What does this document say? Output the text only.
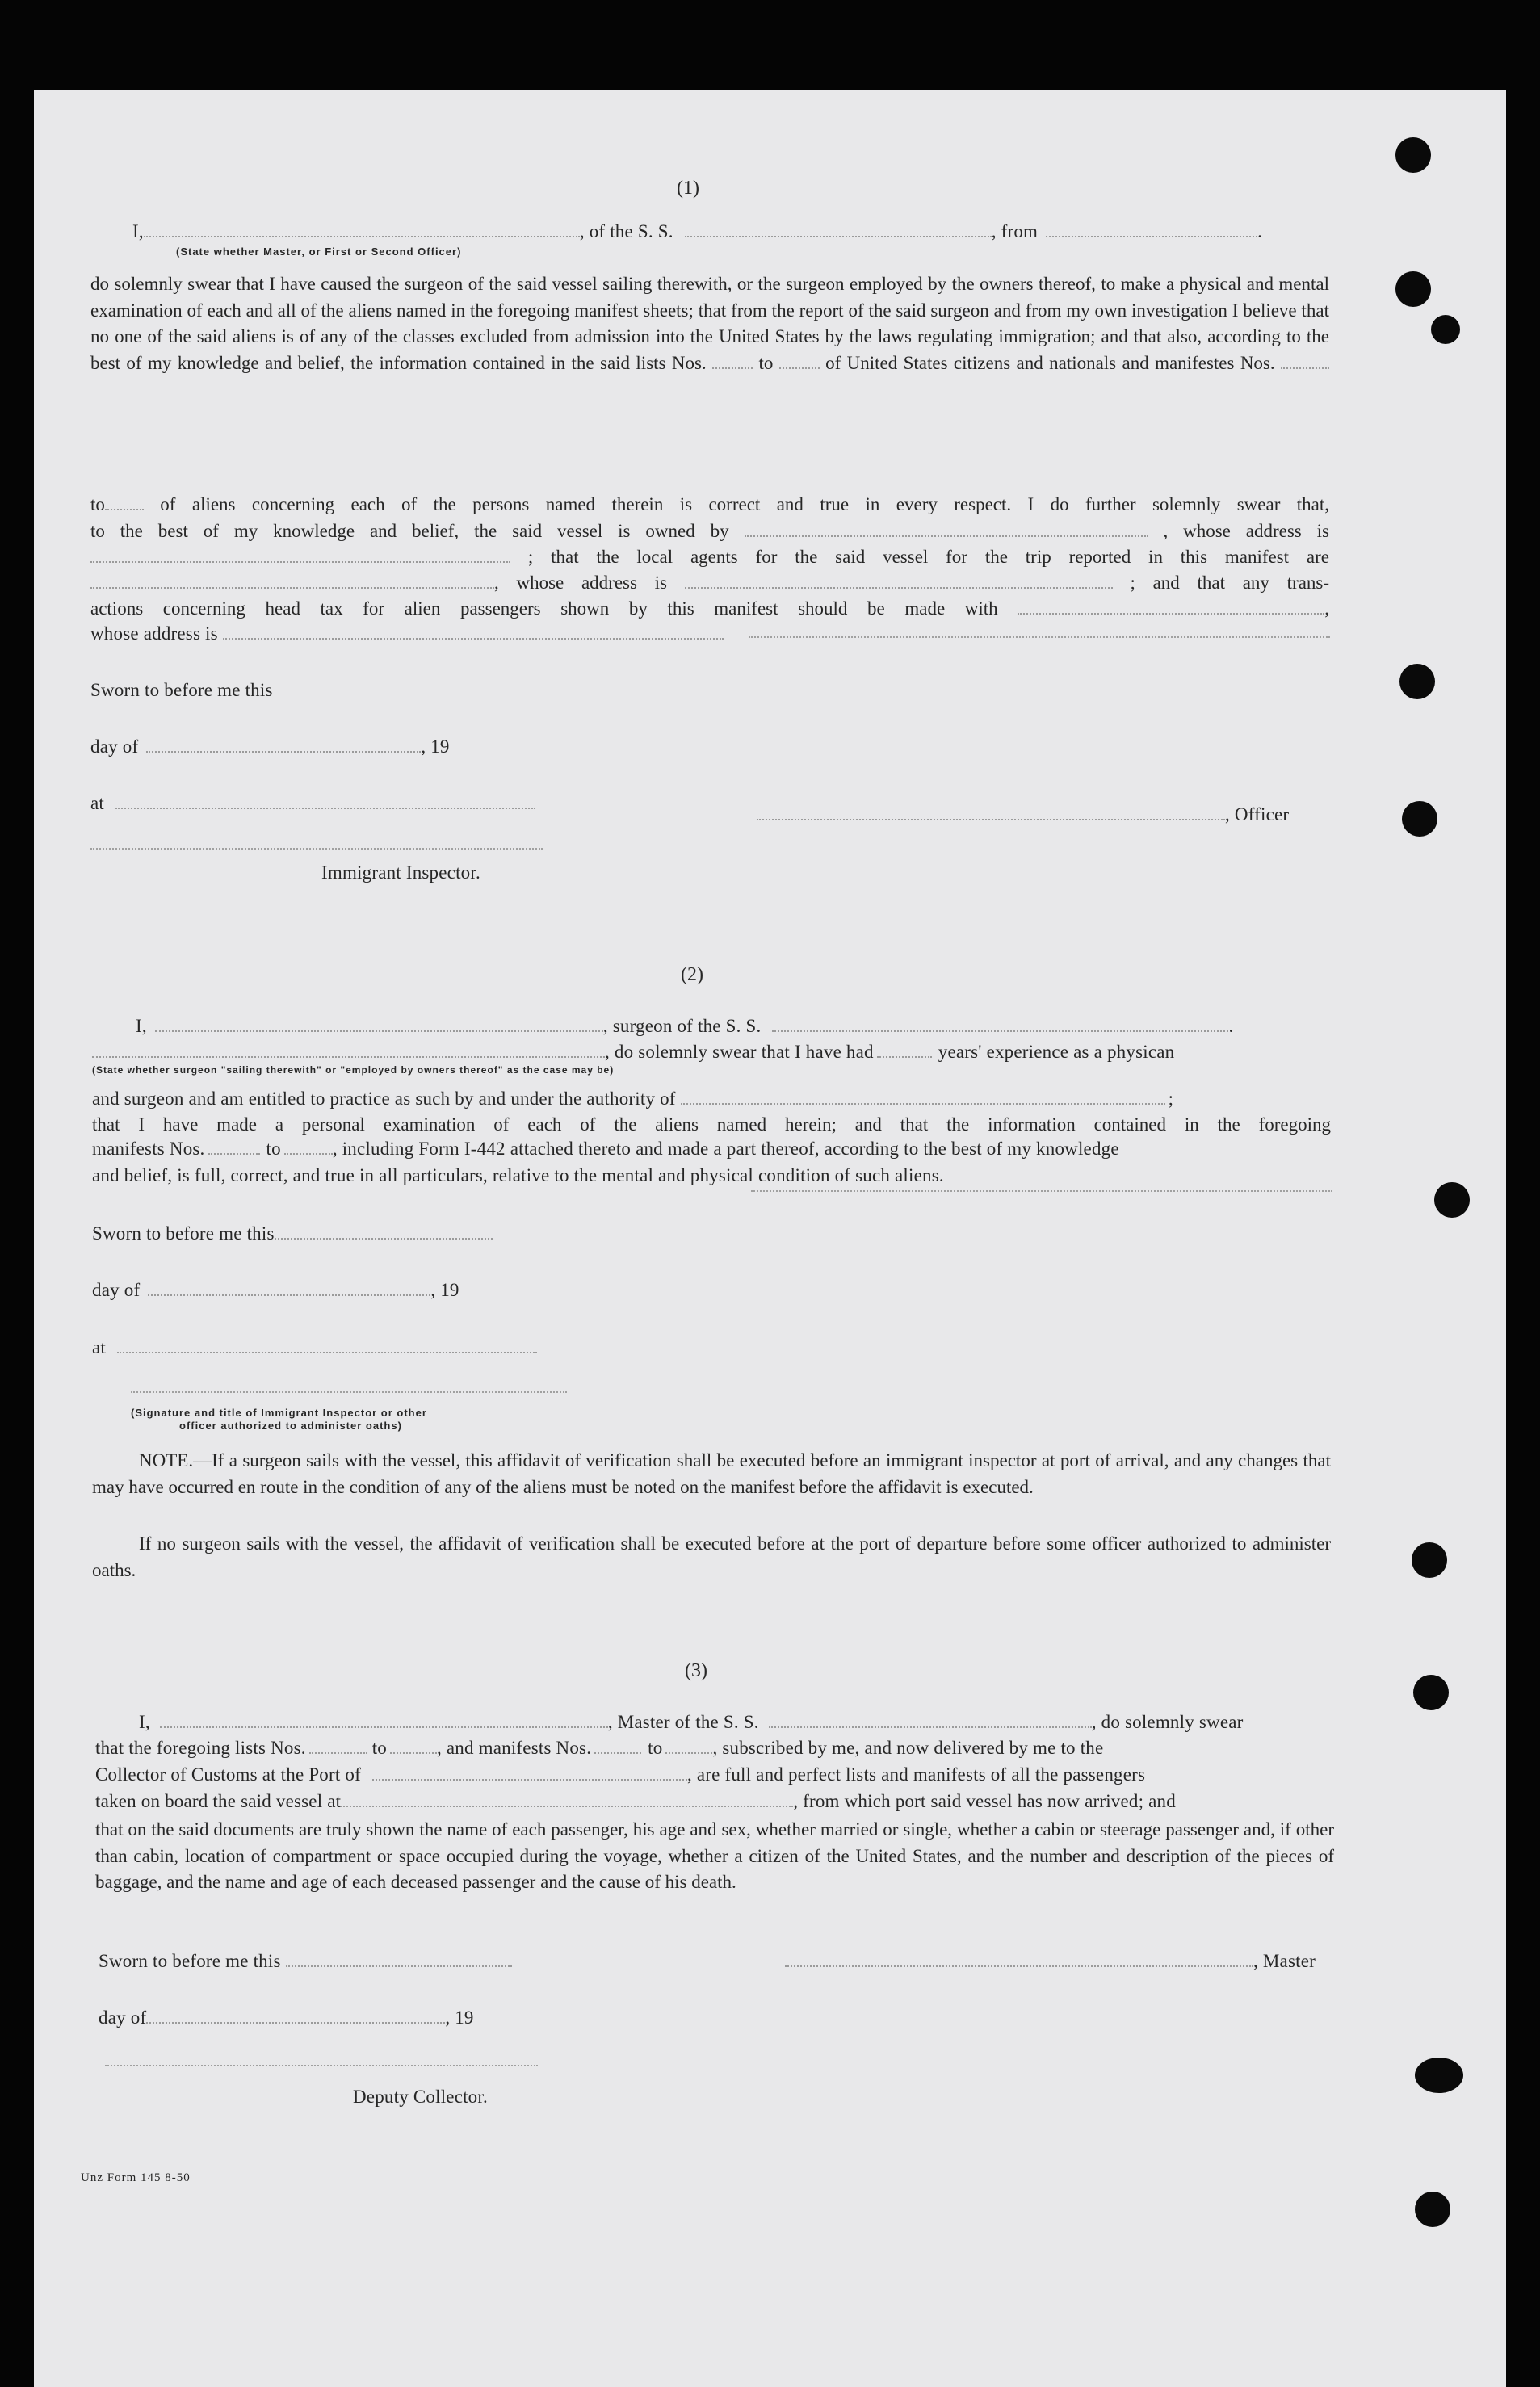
(1)
I,	, of the S. S.	, from	.
(State whether Master, or First or Second Officer)
do solemnly swear that I have caused the surgeon of the said vessel sailing therewith, or the surgeon employed by the owners thereof, to make a physical and mental examination of each and all of the aliens named in the foregoing manifest sheets; that from the report of the said surgeon and from my own investigation I believe that no one of the said aliens is of any of the classes excluded from admission into the United States by the laws regulating immigration; and that also, according to the best of my knowledge and belief, the information contained in the said lists Nos.	to	of United States citizens and nationals and manifestes Nos.
to	of aliens concerning each of the persons named therein is correct and true in every respect. I do further solemnly swear that,
to the best of my knowledge and belief, the said vessel is owned by	, whose address is
; that the local agents for the said vessel for the trip reported in this manifest are
, whose address is	; and that any trans-
actions concerning head tax for alien passengers shown by this manifest should be made with	,
whose address is
Sworn to before me this
day of	, 19
at
, Officer
Immigrant Inspector.
(2)
I,	, surgeon of the S. S.	.
, do solemnly swear that I have had	years' experience as a physican
(State whether surgeon "sailing therewith" or "employed by owners thereof" as the case may be)
and surgeon and am entitled to practice as such by and under the authority of	;
that I have made a personal examination of each of the aliens named herein; and that the information contained in the foregoing
manifests Nos.	to	, including Form I-442 attached thereto and made a part thereof, according to the best of my knowledge
and belief, is full, correct, and true in all particulars, relative to the mental and physical condition of such aliens.
Sworn to before me this
day of	, 19
at
(Signature and title of Immigrant Inspector or other
officer authorized to administer oaths)
NOTE.—If a surgeon sails with the vessel, this affidavit of verification shall be executed before an immigrant inspector at port of arrival, and any changes that may have occurred en route in the condition of any of the aliens must be noted on the manifest before the affidavit is executed.
If no surgeon sails with the vessel, the affidavit of verification shall be executed before at the port of departure before some officer authorized to administer oaths.
(3)
I,	, Master of the S. S.	, do solemnly swear
that the foregoing lists Nos.	to	, and manifests Nos.	to	, subscribed by me, and now delivered by me to the
Collector of Customs at the Port of	, are full and perfect lists and manifests of all the passengers
taken on board the said vessel at	, from which port said vessel has now arrived; and
that on the said documents are truly shown the name of each passenger, his age and sex, whether married or single, whether a cabin or steerage passenger and, if other than cabin, location of compartment or space occupied during the voyage, whether a citizen of the United States, and the number and description of the pieces of baggage, and the name and age of each deceased passenger and the cause of his death.
Sworn to before me this	, Master
day of	, 19
Deputy Collector.
Unz Form 145 8-50
